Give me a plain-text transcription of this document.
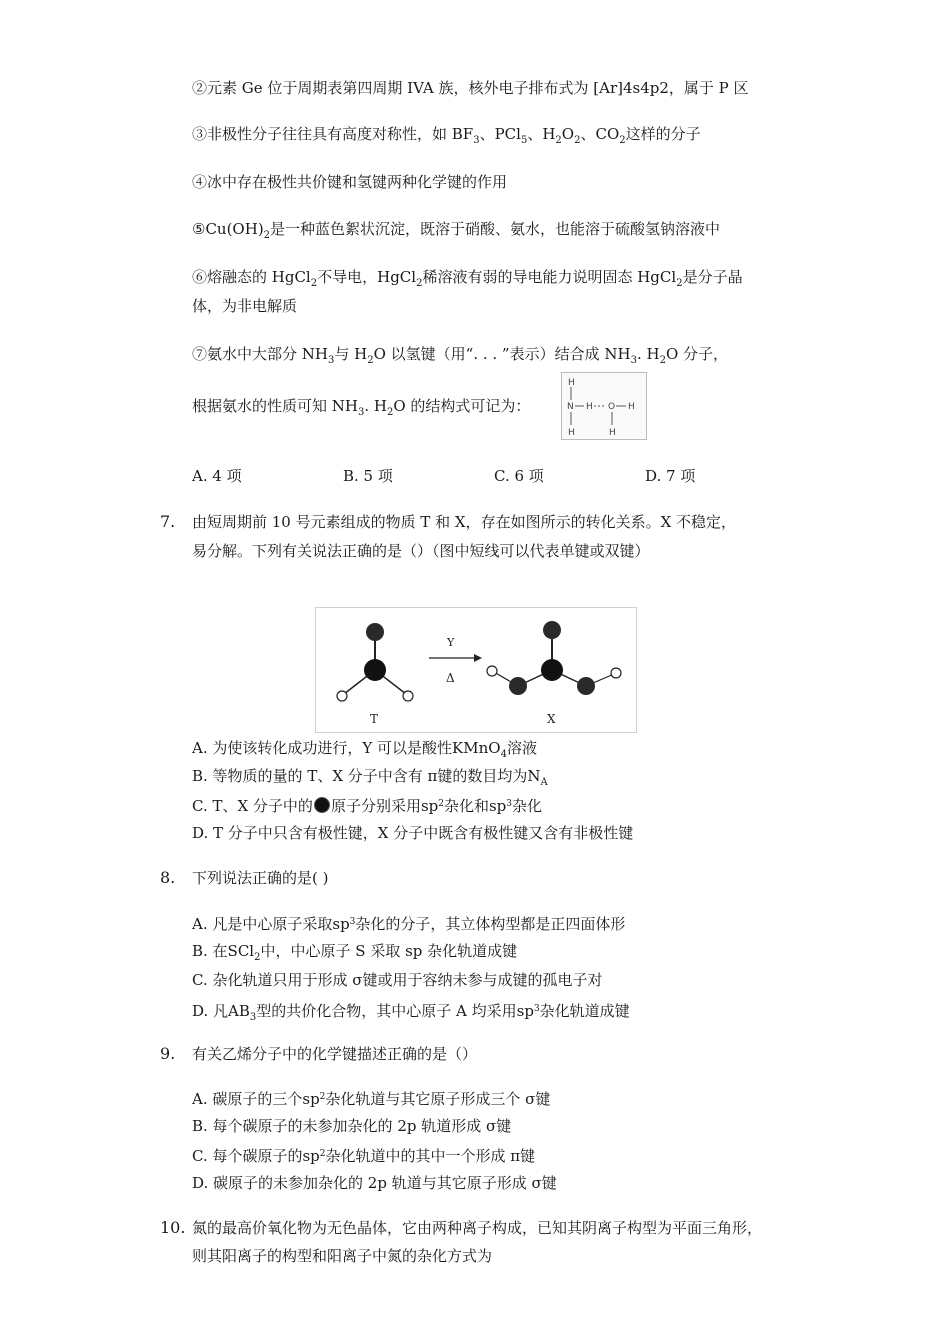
②元素 Ge 位于周期表第四周期 IVA 族，核外电子排布式为 [Ar]4s4p2，属于 P 区
③非极性分子往往具有高度对称性，如 $BF_3$、PCl$_5$、$H_2O_2$、$CO_2$这样的分子
④冰中存在极性共价键和氢键两种化学键的作用
$⑤Cu(OH)_2$是一种蓝色絮状沉淀，既溶于硝酸、氨水，也能溶于硫酸氢钠溶液中
⑥熔融态的 HgCl$_2$不导电，HgCl$_2$稀溶液有弱的导电能力说明固态 HgCl$_2$是分子晶
体，为非电解质
⑦氨水中大部分 $NH_3$与 $H_2O$ 以氢键（用“. . . ”表示）结合成 $NH_3$. $H_2O$ 分子，
根据氨水的性质可知 $NH_3$. $H_2O$ 的结构式可记为：
H
N H O H
H	H
A. 4 项	B. 5 项	C. 6 项	D. 7 项
7. 由短周期前 10 号元素组成的物质 T 和 X，存在如图所示的转化关系。X 不稳定，
易分解。下列有关说法正确的是（）（图中短线可以代表单键或双键）
T
Y
Δ
X
A. 为使该转化成功进行，Y 可以是酸性KMnO$_4$溶液
B. 等物质的量的 T、X 分子中含有 π键的数目均为$N_A$
C. T、X 分子中的 原子分别采用$sp^2$杂化和$sp^3$杂化
D. T 分子中只含有极性键，X 分子中既含有极性键又含有非极性键
8. 下列说法正确的是( )
A. 凡是中心原子采取$sp^3$杂化的分子，其立体构型都是正四面体形
B. 在SCl$_2$中，中心原子 S 采取 sp 杂化轨道成键
C. 杂化轨道只用于形成 σ键或用于容纳未参与成键的孤电子对
D. 凡$AB_3$型的共价化合物，其中心原子 A 均采用$sp^3$杂化轨道成键
9. 有关乙烯分子中的化学键描述正确的是（）
A. 碳原子的三个$sp^2$杂化轨道与其它原子形成三个 σ键
B. 每个碳原子的未参加杂化的 2p 轨道形成 σ键
C. 每个碳原子的$sp^2$杂化轨道中的其中一个形成 π键
D. 碳原子的未参加杂化的 2p 轨道与其它原子形成 σ键
10. 氮的最高价氧化物为无色晶体，它由两种离子构成，已知其阴离子构型为平面三角形，
则其阳离子的构型和阳离子中氮的杂化方式为
